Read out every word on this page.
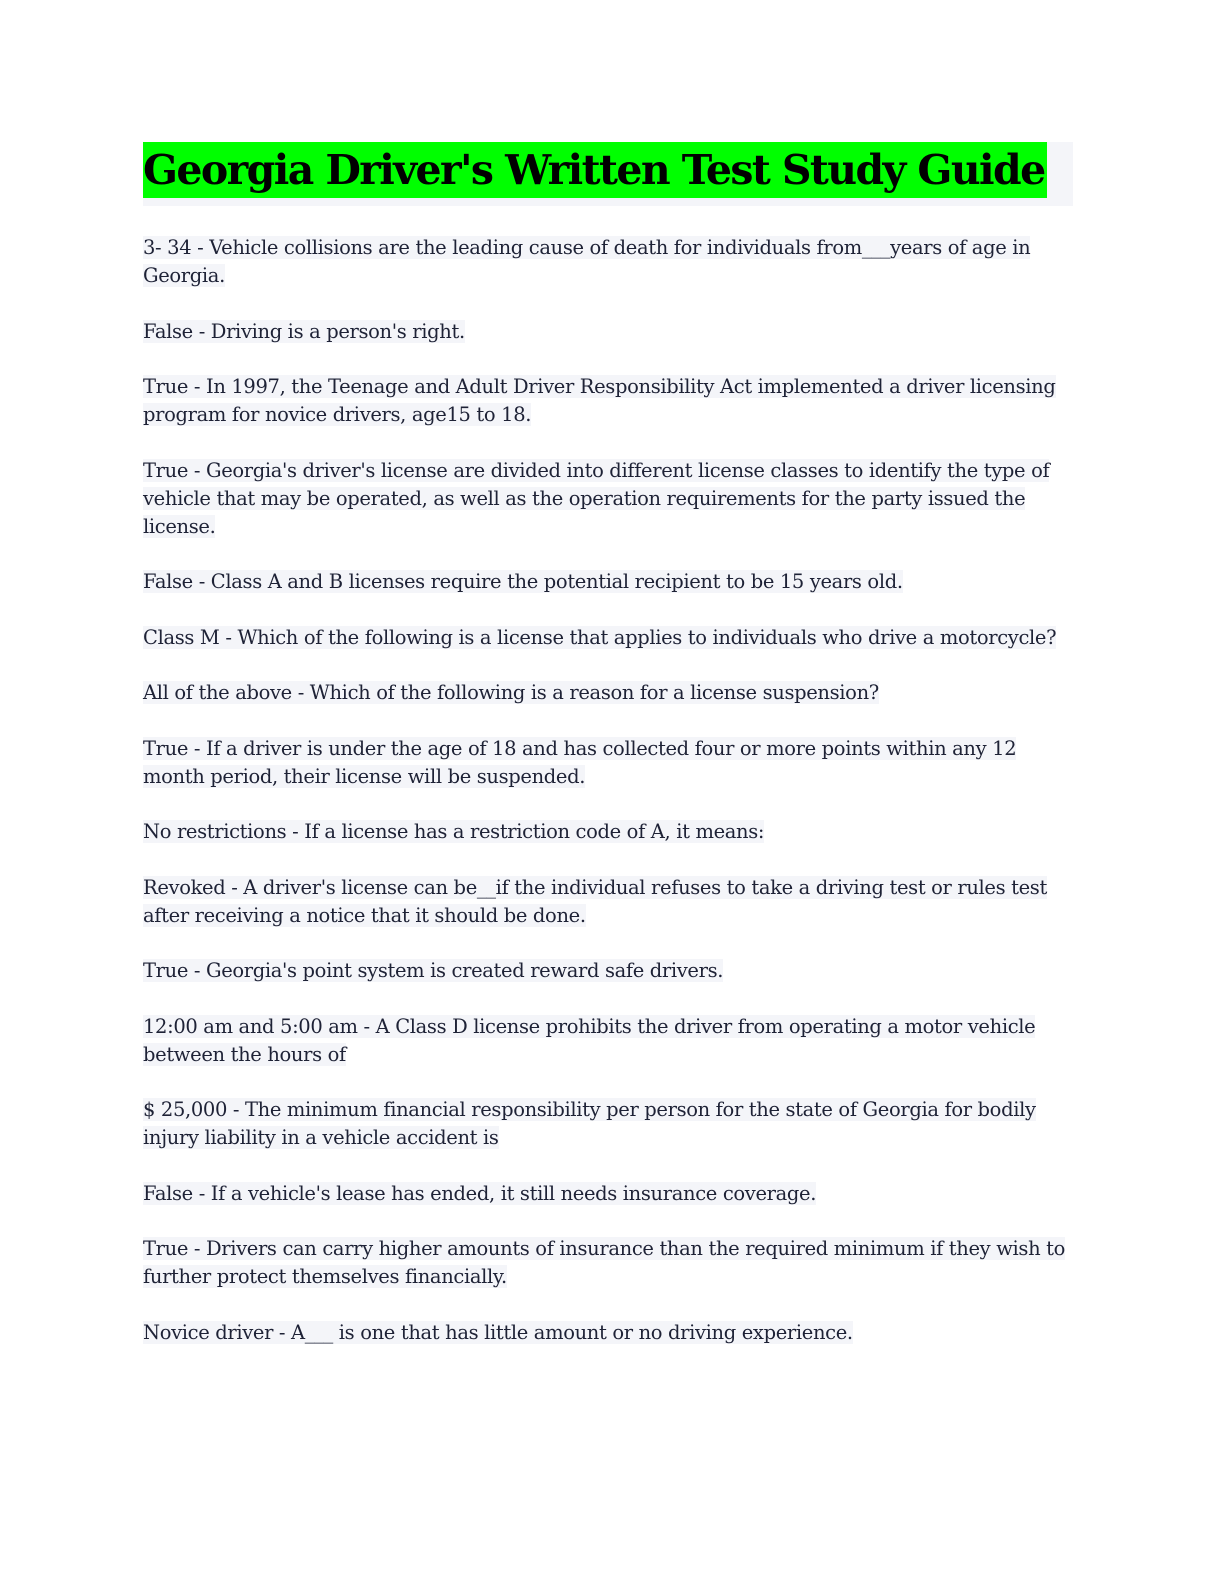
Georgia Driver's Written Test Study Guide

3- 34 - Vehicle collisions are the leading cause of death for individuals from___years of age in Georgia.

False - Driving is a person's right.

True - In 1997, the Teenage and Adult Driver Responsibility Act implemented a driver licensing program for novice drivers, age15 to 18.

True - Georgia's driver's license are divided into different license classes to identify the type of vehicle that may be operated, as well as the operation requirements for the party issued the license.

False - Class A and B licenses require the potential recipient to be 15 years old.

Class M - Which of the following is a license that applies to individuals who drive a motorcycle?

All of the above - Which of the following is a reason for a license suspension?

True - If a driver is under the age of 18 and has collected four or more points within any 12 month period, their license will be suspended.

No restrictions - If a license has a restriction code of A, it means:

Revoked - A driver's license can be__if the individual refuses to take a driving test or rules test after receiving a notice that it should be done.

True - Georgia's point system is created reward safe drivers.

12:00 am and 5:00 am - A Class D license prohibits the driver from operating a motor vehicle between the hours of

$ 25,000 - The minimum financial responsibility per person for the state of Georgia for bodily injury liability in a vehicle accident is

False - If a vehicle's lease has ended, it still needs insurance coverage.

True - Drivers can carry higher amounts of insurance than the required minimum if they wish to further protect themselves financially.

Novice driver - A___ is one that has little amount or no driving experience.
